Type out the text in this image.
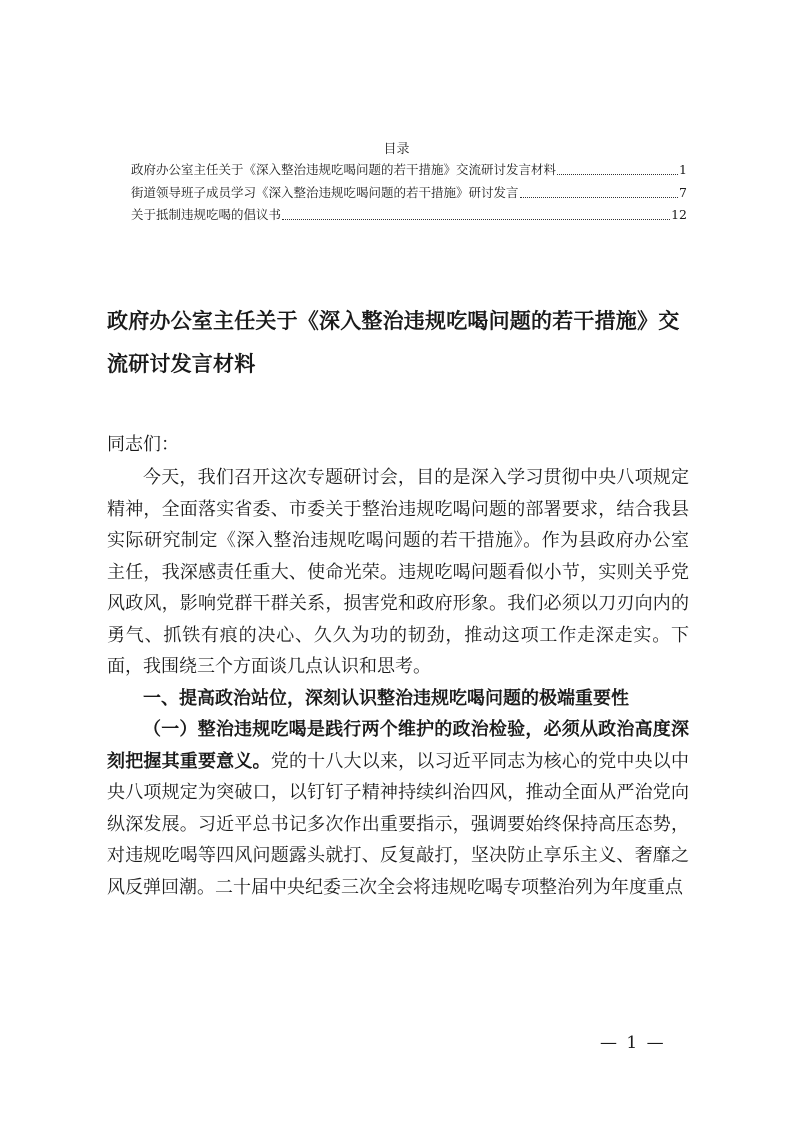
目录
政府办公室主任关于《深入整治违规吃喝问题的若干措施》交流研讨发言材料	1
街道领导班子成员学习《深入整治违规吃喝问题的若干措施》研讨发言	7
关于抵制违规吃喝的倡议书	12
政府办公室主任关于《深入整治违规吃喝问题的若干措施》交流研讨发言材料
同志们：

今天，我们召开这次专题研讨会，目的是深入学习贯彻中央八项规定精神，全面落实省委、市委关于整治违规吃喝问题的部署要求，结合我县实际研究制定《深入整治违规吃喝问题的若干措施》。作为县政府办公室主任，我深感责任重大、使命光荣。违规吃喝问题看似小节，实则关乎党风政风，影响党群干群关系，损害党和政府形象。我们必须以刀刃向内的勇气、抓铁有痕的决心、久久为功的韧劲，推动这项工作走深走实。下面，我围绕三个方面谈几点认识和思考。

一、提高政治站位，深刻认识整治违规吃喝问题的极端重要性

（一）整治违规吃喝是践行两个维护的政治检验，必须从政治高度深刻把握其重要意义。党的十八大以来，以习近平同志为核心的党中央以中央八项规定为突破口，以钉钉子精神持续纠治四风，推动全面从严治党向纵深发展。习近平总书记多次作出重要指示，强调要始终保持高压态势，对违规吃喝等四风问题露头就打、反复敲打，坚决防止享乐主义、奢靡之风反弹回潮。二十届中央纪委三次全会将违规吃喝专项整治列为年度重点

— 1 —
